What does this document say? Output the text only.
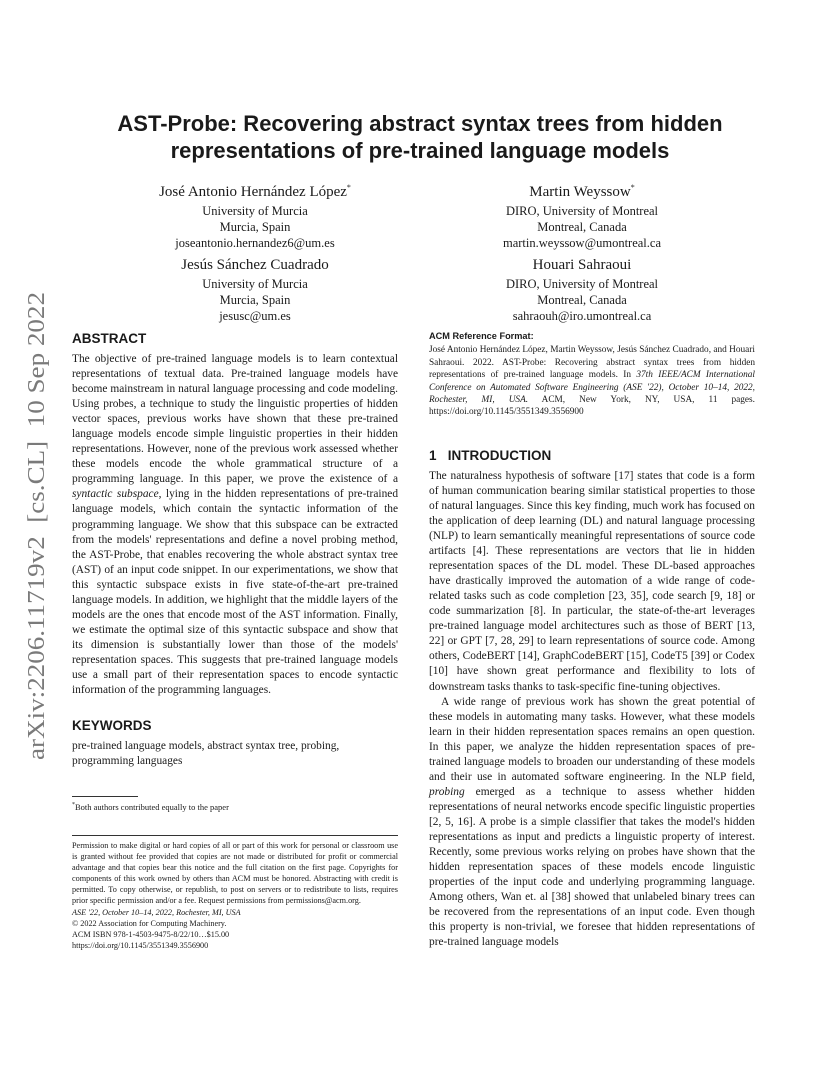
arXiv:2206.11719v2  [cs.CL]  10 Sep 2022
AST-Probe: Recovering abstract syntax trees from hidden
representations of pre-trained language models
José Antonio Hernández López*
University of Murcia
Murcia, Spain
joseantonio.hernandez6@um.es
Martin Weyssow*
DIRO, University of Montreal
Montreal, Canada
martin.weyssow@umontreal.ca
Jesús Sánchez Cuadrado
University of Murcia
Murcia, Spain
jesusc@um.es
Houari Sahraoui
DIRO, University of Montreal
Montreal, Canada
sahraouh@iro.umontreal.ca
ABSTRACT

The objective of pre-trained language models is to learn contextual representations of textual data. Pre-trained language models have become mainstream in natural language processing and code modeling. Using probes, a technique to study the linguistic properties of hidden vector spaces, previous works have shown that these pre-trained language models encode simple linguistic properties in their hidden representations. However, none of the previous work assessed whether these models encode the whole grammatical structure of a programming language. In this paper, we prove the existence of a syntactic subspace, lying in the hidden representations of pre-trained language models, which contain the syntactic information of the programming language. We show that this subspace can be extracted from the models' representations and define a novel probing method, the AST-Probe, that enables recovering the whole abstract syntax tree (AST) of an input code snippet. In our experimentations, we show that this syntactic subspace exists in five state-of-the-art pre-trained language models. In addition, we highlight that the middle layers of the models are the ones that encode most of the AST information. Finally, we estimate the optimal size of this syntactic subspace and show that its dimension is substantially lower than those of the models' representation spaces. This suggests that pre-trained language models use a small part of their representation spaces to encode syntactic information of the programming languages.

KEYWORDS

pre-trained language models, abstract syntax tree, probing, programming languages

*Both authors contributed equally to the paper
Permission to make digital or hard copies of all or part of this work for personal or classroom use is granted without fee provided that copies are not made or distributed for profit or commercial advantage and that copies bear this notice and the full citation on the first page. Copyrights for components of this work owned by others than ACM must be honored. Abstracting with credit is permitted. To copy otherwise, or republish, to post on servers or to redistribute to lists, requires prior specific permission and/or a fee. Request permissions from permissions@acm.org.
ASE '22, October 10–14, 2022, Rochester, MI, USA
© 2022 Association for Computing Machinery.
ACM ISBN 978-1-4503-9475-8/22/10…$15.00
https://doi.org/10.1145/3551349.3556900
ACM Reference Format:
José Antonio Hernández López, Martin Weyssow, Jesús Sánchez Cuadrado, and Houari Sahraoui. 2022. AST-Probe: Recovering abstract syntax trees from hidden representations of pre-trained language models. In 37th IEEE/ACM International Conference on Automated Software Engineering (ASE '22), October 10–14, 2022, Rochester, MI, USA. ACM, New York, NY, USA, 11 pages. https://doi.org/10.1145/3551349.3556900
1   INTRODUCTION

The naturalness hypothesis of software [17] states that code is a form of human communication bearing similar statistical properties to those of natural languages. Since this key finding, much work has focused on the application of deep learning (DL) and natural language processing (NLP) to learn semantically meaningful representations of source code artifacts [4]. These representations are vectors that lie in hidden representation spaces of the DL model. These DL-based approaches have drastically improved the automation of a wide range of code-related tasks such as code completion [23, 35], code search [9, 18] or code summarization [8]. In particular, the state-of-the-art leverages pre-trained language model architectures such as those of BERT [13, 22] or GPT [7, 28, 29] to learn representations of source code. Among others, CodeBERT [14], GraphCodeBERT [15], CodeT5 [39] or Codex [10] have shown great performance and flexibility to lots of downstream tasks thanks to task-specific fine-tuning objectives.

A wide range of previous work has shown the great potential of these models in automating many tasks. However, what these models learn in their hidden representation spaces remains an open question. In this paper, we analyze the hidden representation spaces of pre-trained language models to broaden our understanding of these models and their use in automated software engineering. In the NLP field, probing emerged as a technique to assess whether hidden representations of neural networks encode specific linguistic properties [2, 5, 16]. A probe is a simple classifier that takes the model's hidden representations as input and predicts a linguistic property of interest. Recently, some previous works relying on probes have shown that the hidden representation spaces of these models encode linguistic properties of the input code and underlying programming language. Among others, Wan et. al [38] showed that unlabeled binary trees can be recovered from the representations of an input code. Even though this property is non-trivial, we foresee that hidden representations of pre-trained language models
